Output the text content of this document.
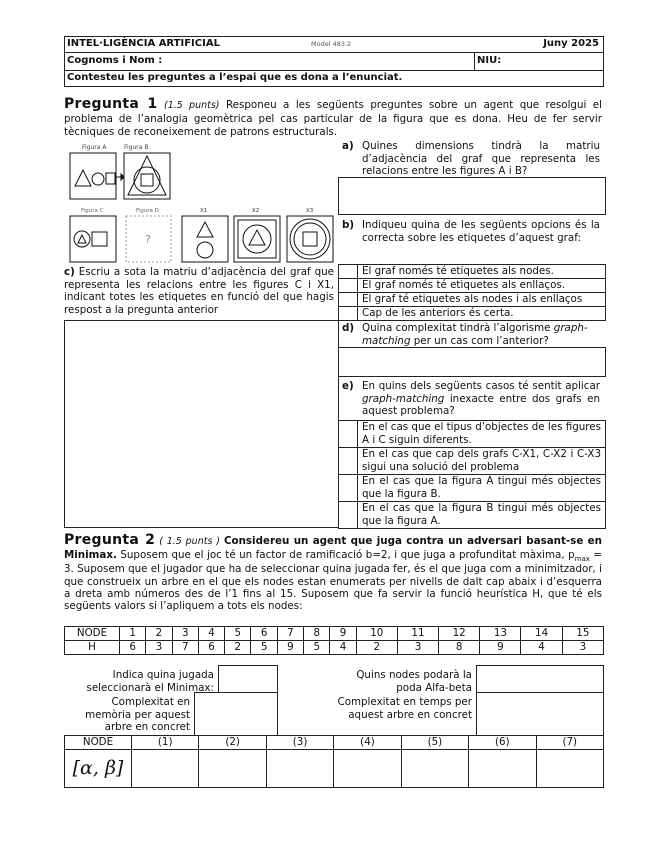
INTEL·LIGÈNCIA ARTIFICIAL	Model 483.2	Juny 2025

Cognoms i Nom :	NIU:
Contesteu les preguntes a l’espai que es dona a l’enunciat.
Pregunta 1 (1.5 punts) Responeu a les següents preguntes sobre un agent que resolgui el problema de l’analogia geomètrica pel cas particular de la figura que es dona. Heu de fer servir tècniques de reconeixement de patrons estructurals.
Figura A	Figura B
Figura C	Figura D	X1	X2	X3
?
a) Quines dimensions tindrà la matriu d’adjacència del graf que representa les relacions entre les figures A i B?
b) Indiqueu quina de les següents opcions és la correcta sobre les etiquetes d’aquest graf:
El graf només té etiquetes als nodes.
El graf només té etiquetes als enllaços.
El graf té etiquetes als nodes i als enllaços
Cap de les anteriors és certa.
c) Escriu a sota la matriu d’adjacència del graf que representa les relacions entre les figures C i X1, indicant totes les etiquetes en funció del que hagis respost a la pregunta anterior
d) Quina complexitat tindrà l’algorisme graph-matching per un cas com l’anterior?
e) En quins dels següents casos té sentit aplicar graph-matching inexacte entre dos grafs en aquest problema?
En el cas que el tipus d’objectes de les figures A i C siguin diferents.
En el cas que cap dels grafs C-X1, C-X2 i C-X3 sigui una solució del problema
En el cas que la figura A tingui més objectes que la figura B.
En el cas que la figura B tingui més objectes que la figura A.
Pregunta 2 ( 1.5 punts ) Considereu un agent que juga contra un adversari basant-se en Minimax. Suposem que el joc té un factor de ramificació b=2, i que juga a profunditat màxima, $p_{max} = 3$. Suposem que el jugador que ha de seleccionar quina jugada fer, és el que juga com a minimitzador, i que construeix un arbre en el que els nodes estan enumerats per nivells de dalt cap abaix i d’esquerra a dreta amb números des de l’1 fins al 15. Suposem que fa servir la funció heurística H, que té els següents valors si l’apliquem a tots els nodes:
NODE	1	2	3	4	5	6	7	8	9	10	11	12	13	14	15
H	6	3	7	6	2	5	9	5	4	2	3	8	9	4	3
Indica quina jugada seleccionarà el Minimax:
Quins nodes podarà la poda Alfa-beta
Complexitat en memòria per aquest arbre en concret
Complexitat en temps per aquest arbre en concret
NODE	(1)	(2)	(3)	(4)	(5)	(6)	(7)
[α, β]							
